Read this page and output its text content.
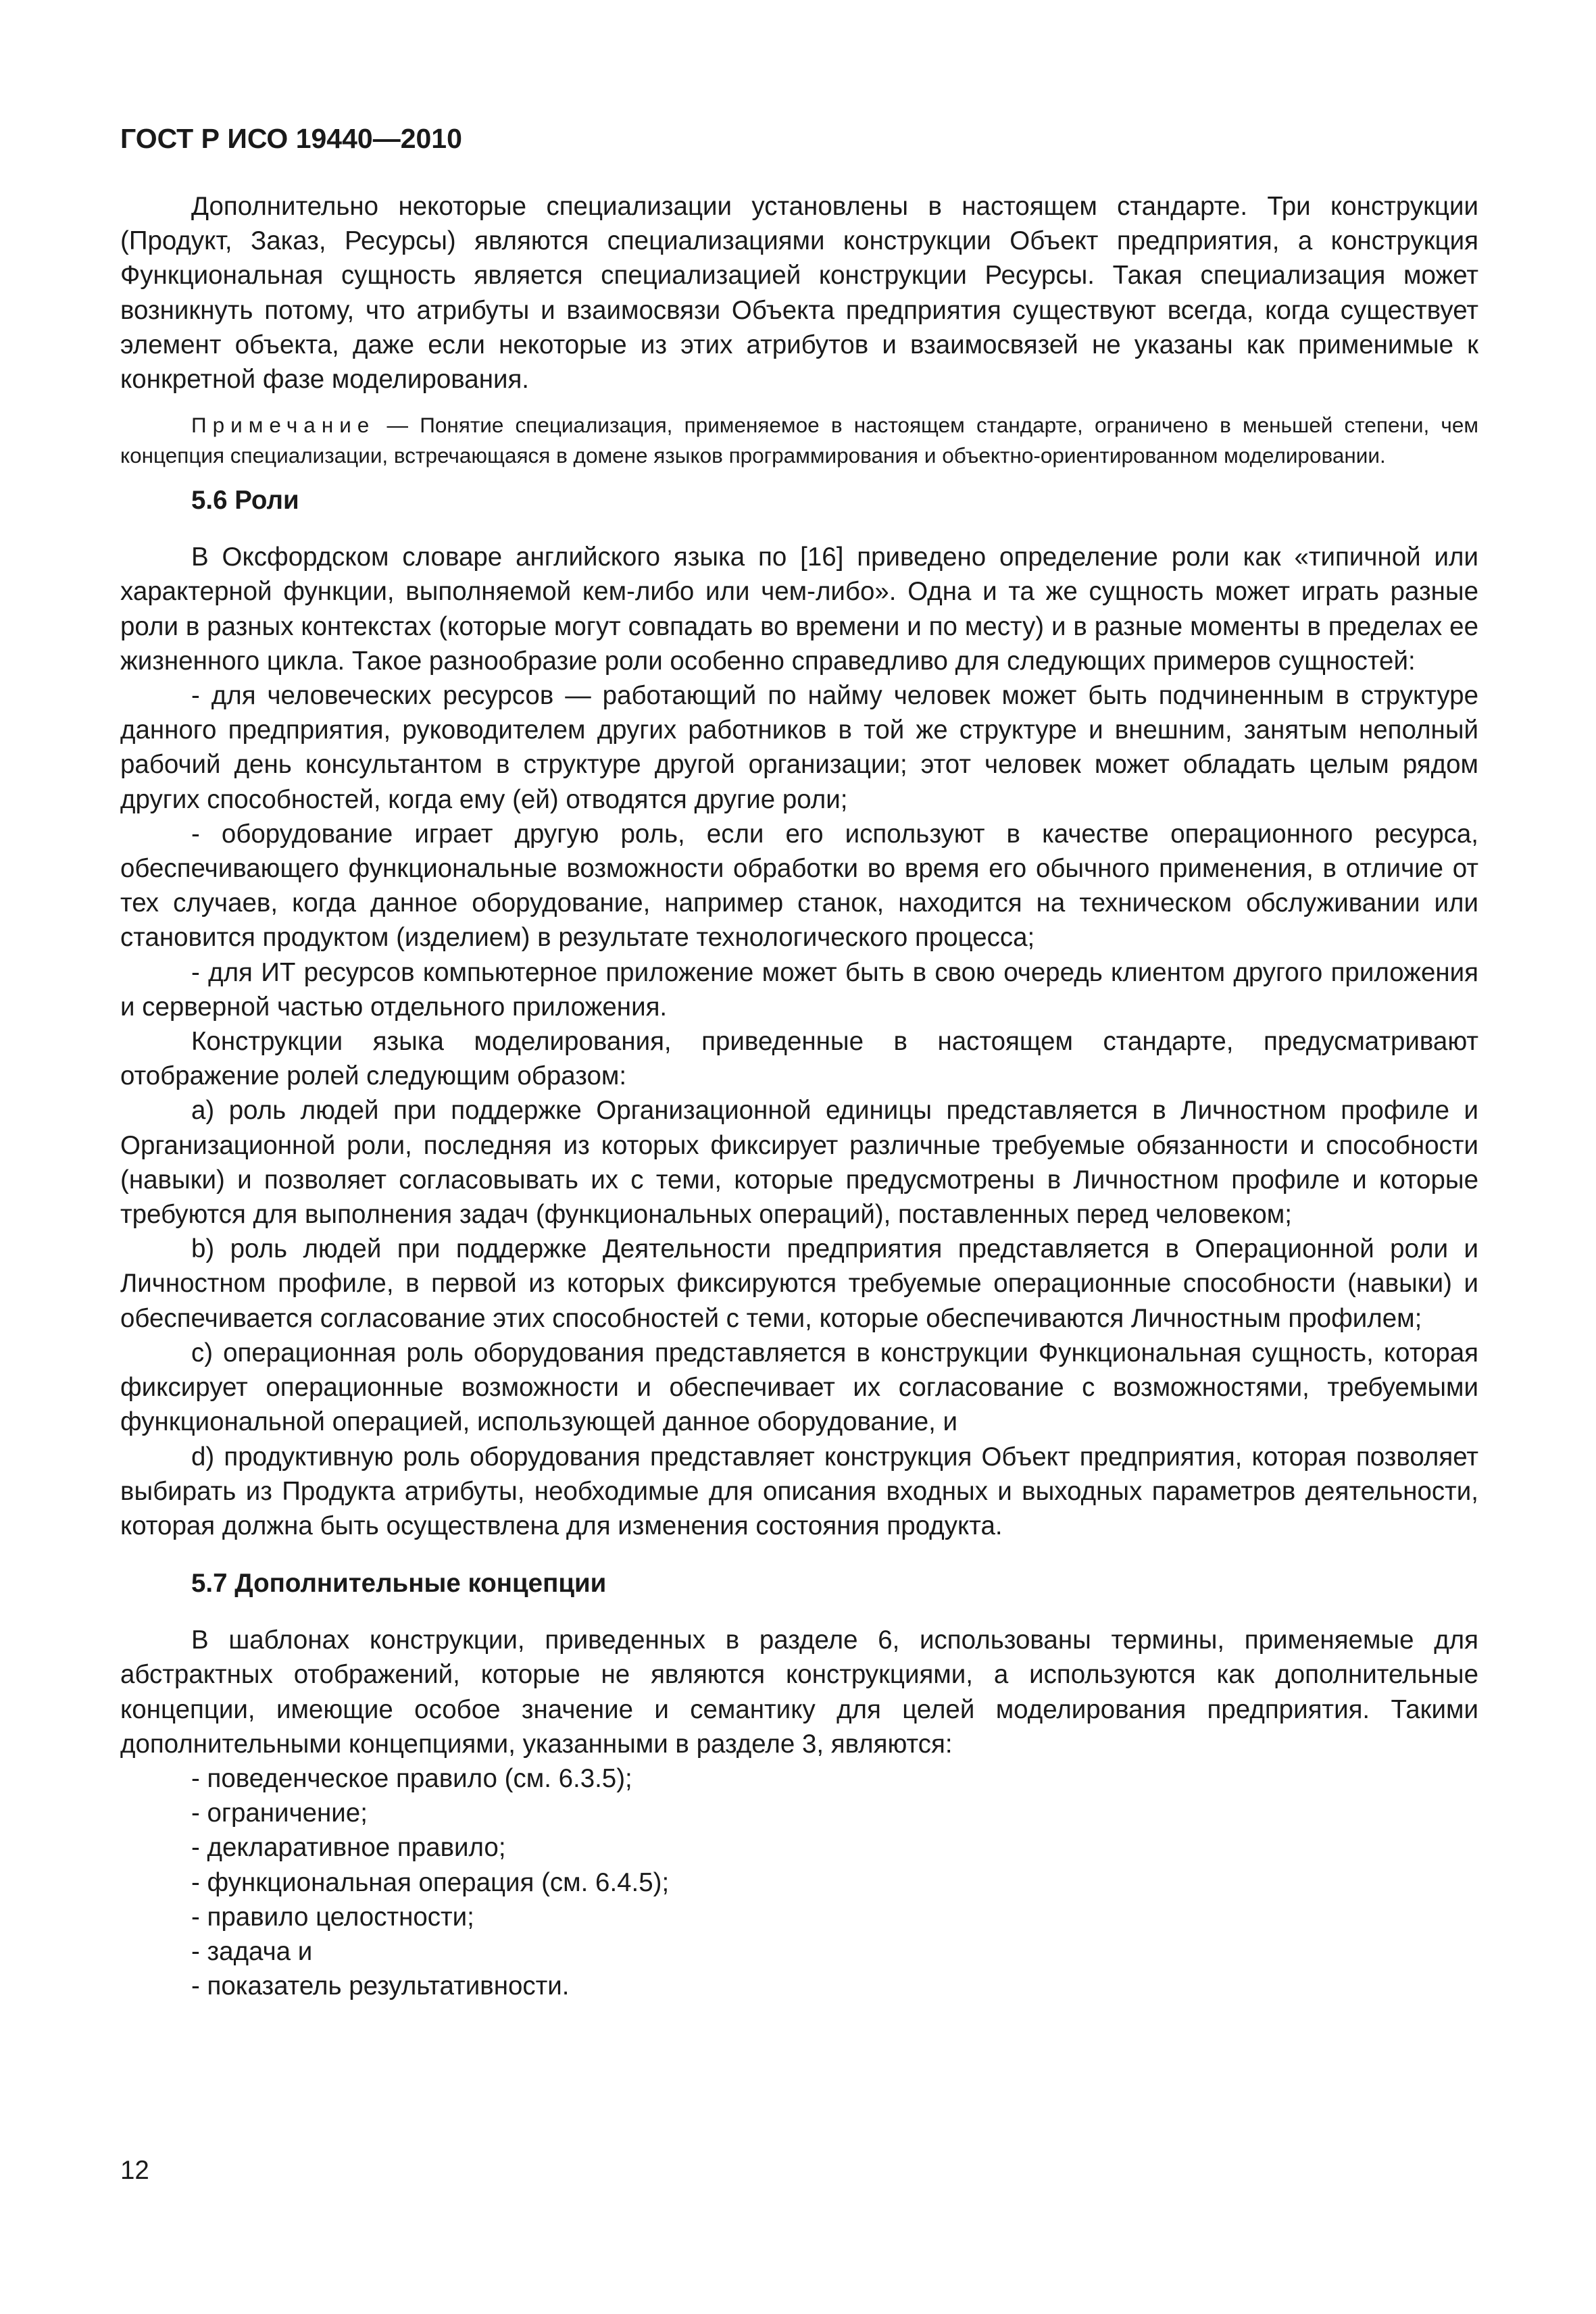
ГОСТ Р ИСО 19440—2010

Дополнительно некоторые специализации установлены в настоящем стандарте. Три конструкции (Продукт, Заказ, Ресурсы) являются специализациями конструкции Объект предприятия, а конструкция Функциональная сущность является специализацией конструкции Ресурсы. Такая специализация может возникнуть потому, что атрибуты и взаимосвязи Объекта предприятия существуют всегда, когда существует элемент объекта, даже если некоторые из этих атрибутов и взаимосвязей не указаны как применимые к конкретной фазе моделирования.

Примечание — Понятие специализация, применяемое в настоящем стандарте, ограничено в меньшей степени, чем концепция специализации, встречающаяся в домене языков программирования и объектно-ориентированном моделировании.

5.6 Роли

В Оксфордском словаре английского языка по [16] приведено определение роли как «типичной или характерной функции, выполняемой кем-либо или чем-либо». Одна и та же сущность может играть разные роли в разных контекстах (которые могут совпадать во времени и по месту) и в разные моменты в пределах ее жизненного цикла. Такое разнообразие роли особенно справедливо для следующих примеров сущностей:

- для человеческих ресурсов — работающий по найму человек может быть подчиненным в структуре данного предприятия, руководителем других работников в той же структуре и внешним, занятым неполный рабочий день консультантом в структуре другой организации; этот человек может обладать целым рядом других способностей, когда ему (ей) отводятся другие роли;

- оборудование играет другую роль, если его используют в качестве операционного ресурса, обеспечивающего функциональные возможности обработки во время его обычного применения, в отличие от тех случаев, когда данное оборудование, например станок, находится на техническом обслуживании или становится продуктом (изделием) в результате технологического процесса;

- для ИТ ресурсов компьютерное приложение может быть в свою очередь клиентом другого приложения и серверной частью отдельного приложения.

Конструкции языка моделирования, приведенные в настоящем стандарте, предусматривают отображение ролей следующим образом:

a) роль людей при поддержке Организационной единицы представляется в Личностном профиле и Организационной роли, последняя из которых фиксирует различные требуемые обязанности и способности (навыки) и позволяет согласовывать их с теми, которые предусмотрены в Личностном профиле и которые требуются для выполнения задач (функциональных операций), поставленных перед человеком;

b) роль людей при поддержке Деятельности предприятия представляется в Операционной роли и Личностном профиле, в первой из которых фиксируются требуемые операционные способности (навыки) и обеспечивается согласование этих способностей с теми, которые обеспечиваются Личностным профилем;

c) операционная роль оборудования представляется в конструкции Функциональная сущность, которая фиксирует операционные возможности и обеспечивает их согласование с возможностями, требуемыми функциональной операцией, использующей данное оборудование, и

d) продуктивную роль оборудования представляет конструкция Объект предприятия, которая позволяет выбирать из Продукта атрибуты, необходимые для описания входных и выходных параметров деятельности, которая должна быть осуществлена для изменения состояния продукта.

5.7 Дополнительные концепции

В шаблонах конструкции, приведенных в разделе 6, использованы термины, применяемые для абстрактных отображений, которые не являются конструкциями, а используются как дополнительные концепции, имеющие особое значение и семантику для целей моделирования предприятия. Такими дополнительными концепциями, указанными в разделе 3, являются:

- поведенческое правило (см. 6.3.5);
- ограничение;
- декларативное правило;
- функциональная операция (см. 6.4.5);
- правило целостности;
- задача и
- показатель результативности.
12
